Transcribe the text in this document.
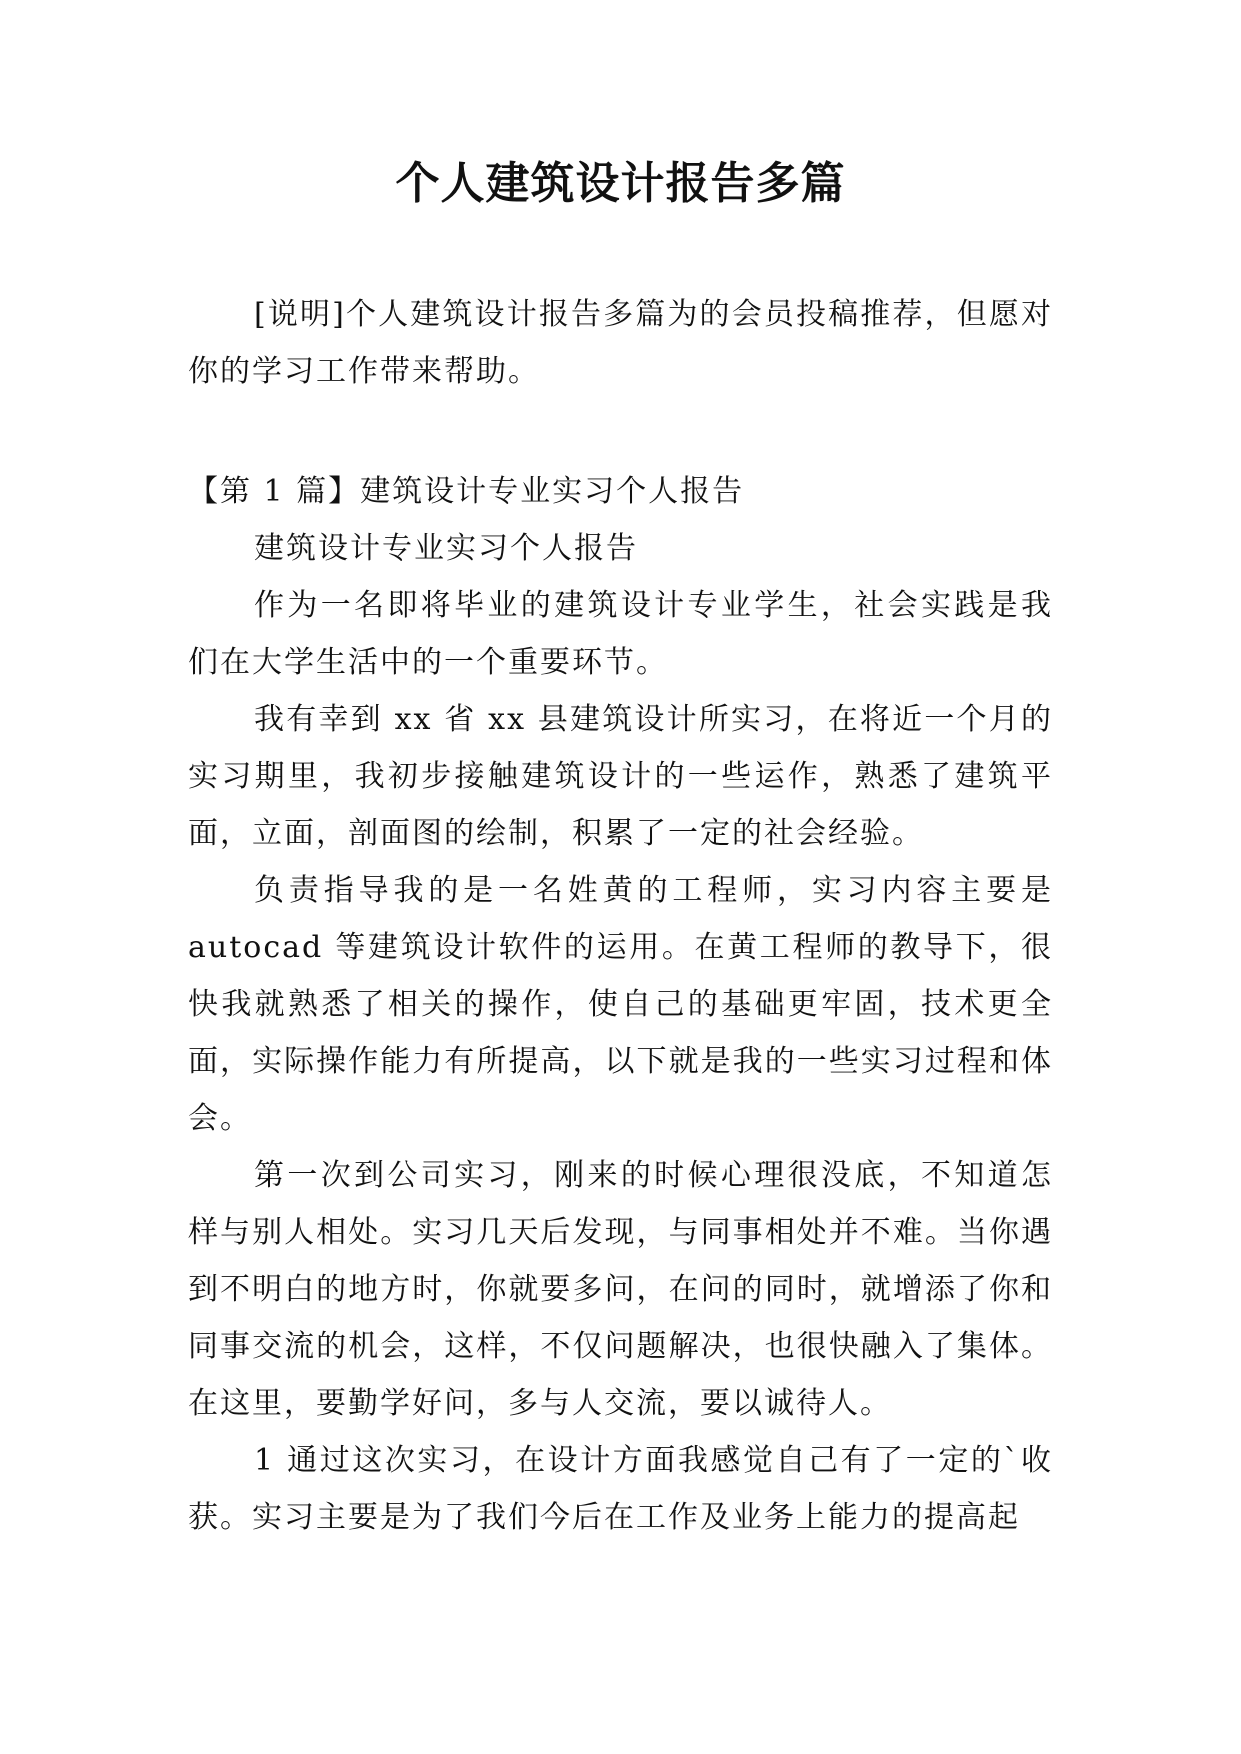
个人建筑设计报告多篇

[说明]个人建筑设计报告多篇为的会员投稿推荐，但愿对你的学习工作带来帮助。

【第 1 篇】建筑设计专业实习个人报告

建筑设计专业实习个人报告

作为一名即将毕业的建筑设计专业学生，社会实践是我们在大学生活中的一个重要环节。

我有幸到 xx 省 xx 县建筑设计所实习，在将近一个月的实习期里，我初步接触建筑设计的一些运作，熟悉了建筑平面，立面，剖面图的绘制，积累了一定的社会经验。

负责指导我的是一名姓黄的工程师，实习内容主要是 autocad 等建筑设计软件的运用。在黄工程师的教导下，很快我就熟悉了相关的操作，使自己的基础更牢固，技术更全面，实际操作能力有所提高，以下就是我的一些实习过程和体会。

第一次到公司实习，刚来的时候心理很没底，不知道怎样与别人相处。实习几天后发现，与同事相处并不难。当你遇到不明白的地方时，你就要多问，在问的同时，就增添了你和同事交流的机会，这样，不仅问题解决，也很快融入了集体。在这里，要勤学好问，多与人交流，要以诚待人。

1 通过这次实习，在设计方面我感觉自己有了一定的`收获。实习主要是为了我们今后在工作及业务上能力的提高起
